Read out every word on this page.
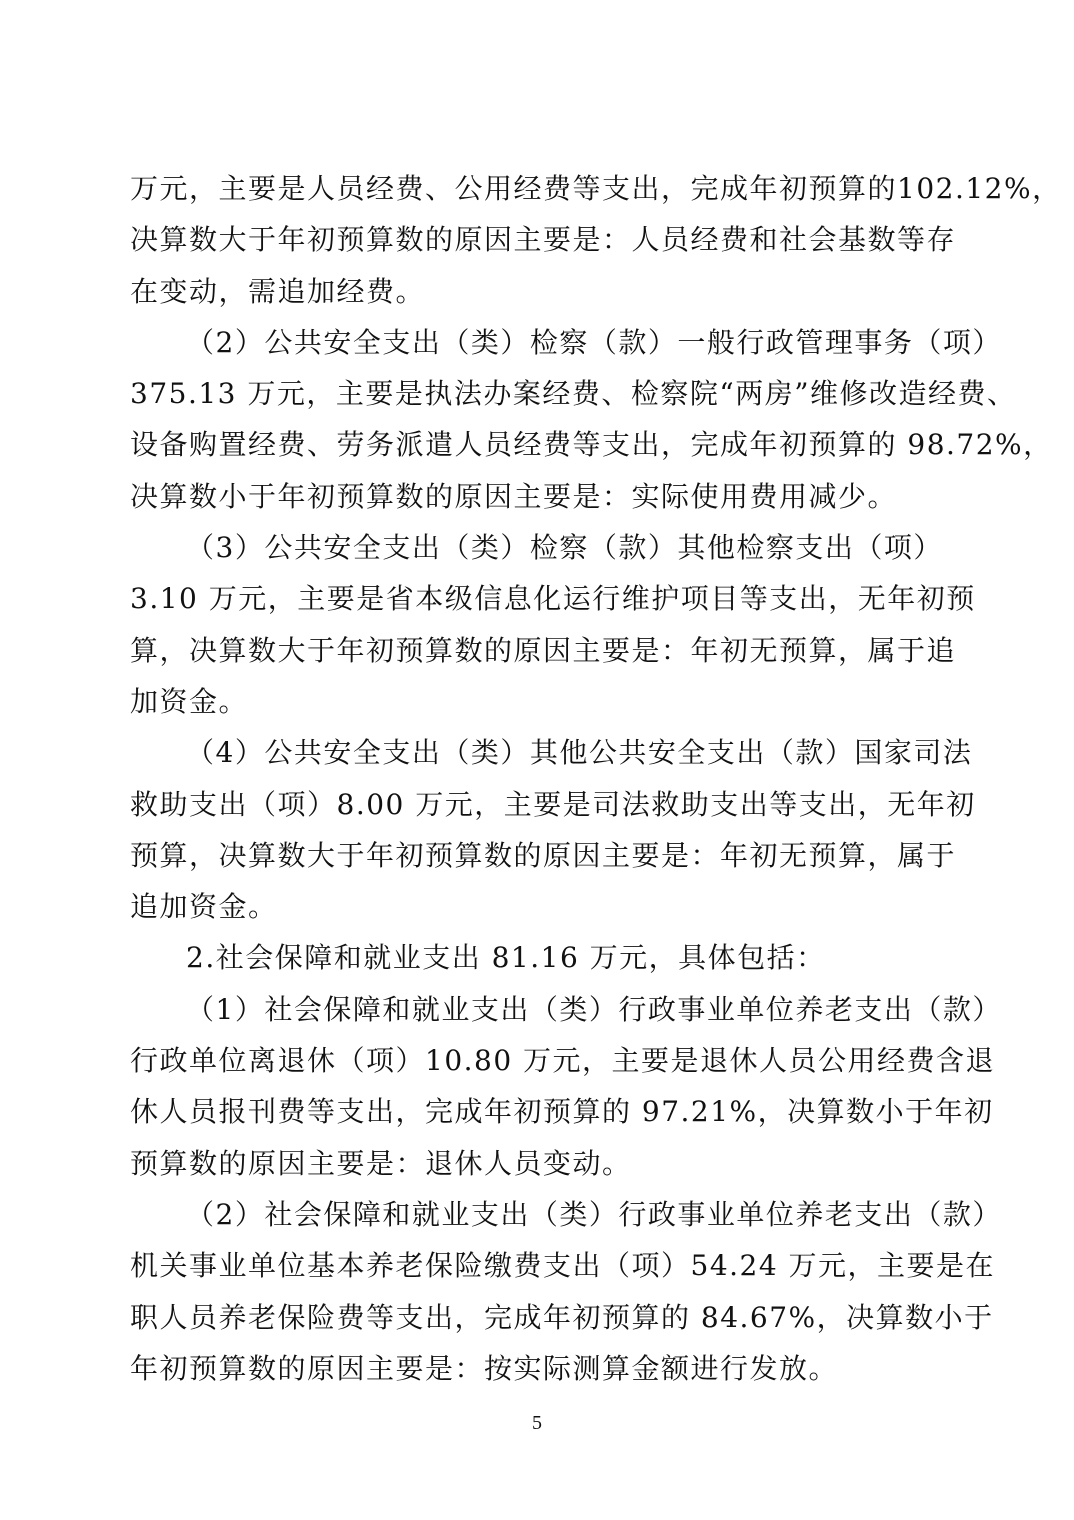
万元，主要是人员经费、公用经费等支出，完成年初预算的102.12%，
决算数大于年初预算数的原因主要是：人员经费和社会基数等存
在变动，需追加经费。
（2）公共安全支出（类）检察（款）一般行政管理事务（项）
375.13 万元，主要是执法办案经费、检察院“两房”维修改造经费、
设备购置经费、劳务派遣人员经费等支出，完成年初预算的 98.72%，
决算数小于年初预算数的原因主要是：实际使用费用减少。
（3）公共安全支出（类）检察（款）其他检察支出（项）
3.10 万元，主要是省本级信息化运行维护项目等支出，无年初预
算，决算数大于年初预算数的原因主要是：年初无预算，属于追
加资金。
（4）公共安全支出（类）其他公共安全支出（款）国家司法
救助支出（项）8.00 万元，主要是司法救助支出等支出，无年初
预算，决算数大于年初预算数的原因主要是：年初无预算，属于
追加资金。
2.社会保障和就业支出 81.16 万元，具体包括：
（1）社会保障和就业支出（类）行政事业单位养老支出（款）
行政单位离退休（项）10.80 万元，主要是退休人员公用经费含退
休人员报刊费等支出，完成年初预算的 97.21%，决算数小于年初
预算数的原因主要是：退休人员变动。
（2）社会保障和就业支出（类）行政事业单位养老支出（款）
机关事业单位基本养老保险缴费支出（项）54.24 万元，主要是在
职人员养老保险费等支出，完成年初预算的 84.67%，决算数小于
年初预算数的原因主要是：按实际测算金额进行发放。
5
